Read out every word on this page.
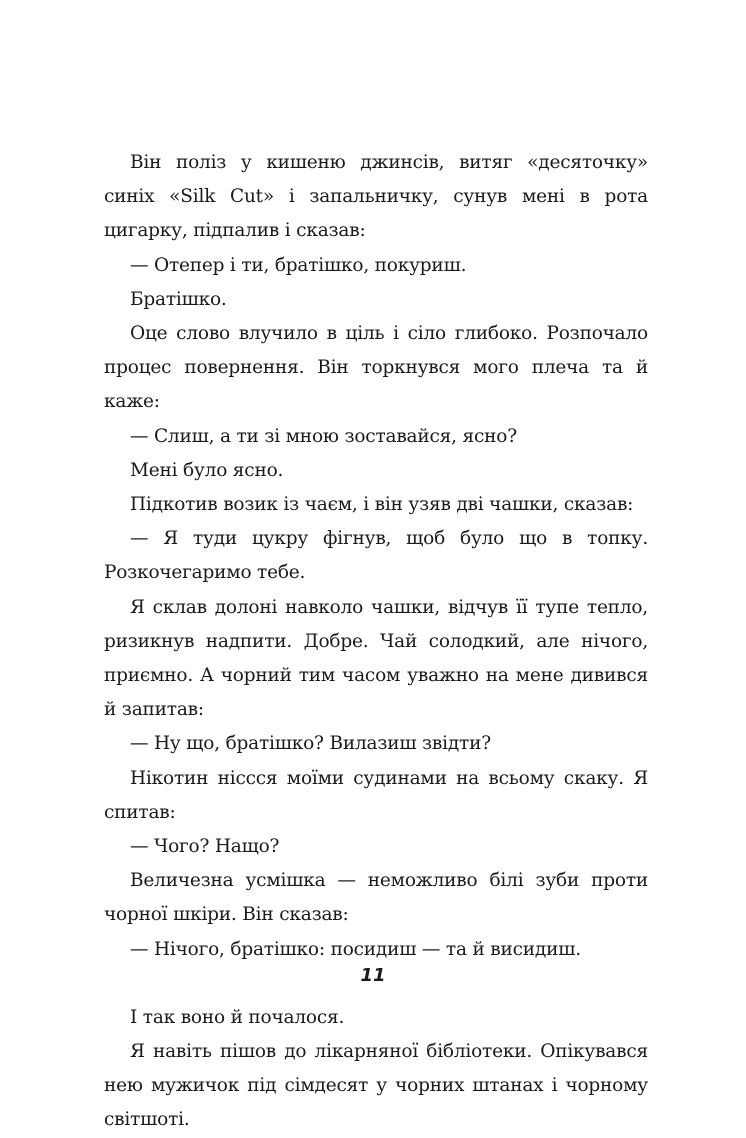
Він поліз у кишеню джинсів, витяг «десяточку» синіх «Silk Cut» і запальничку, сунув мені в рота цигарку, підпалив і сказав:

— Отепер і ти, братішко, покуриш.

Братішко.

Оце слово влучило в ціль і сіло глибоко. Розпочало процес повернення. Він торкнувся мого плеча та й каже:

— Слиш, а ти зі мною зоставайся, ясно?

Мені було ясно.

Підкотив возик із чаєм, і він узяв дві чашки, сказав:

— Я туди цукру фігнув, щоб було що в топку. Розкочегаримо тебе.

Я склав долоні навколо чашки, відчув її тупе тепло, ризикнув надпити. Добре. Чай солодкий, але нічого, приємно. А чорний тим часом уважно на мене дивився й запитав:

— Ну що, братішко? Вилазиш звідти?

Нікотин ніссся моїми судинами на всьому скаку. Я спитав:

— Чого? Нащо?

Величезна усмішка — неможливо білі зуби проти чорної шкіри. Він сказав:

— Нічого, братішко: посидиш — та й висидиш.

І так воно й почалося.

Я навіть пішов до лікарняної бібліотеки. Опікувався нею мужичок під сімдесят у чорних штанах і чорному світшоті.

11
